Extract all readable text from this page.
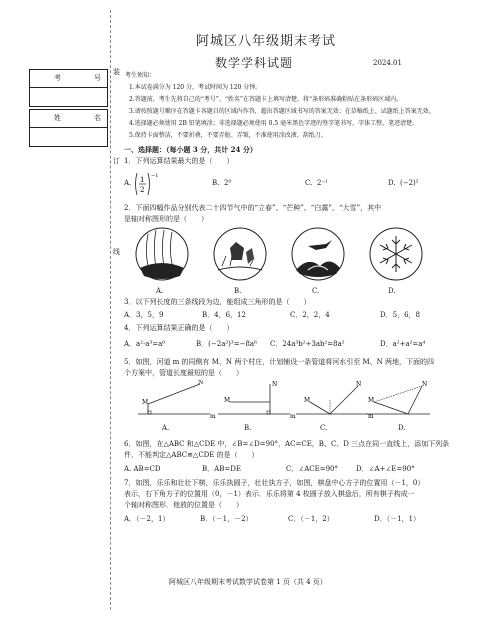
阿城区八年级期末考试
数学学科试题	2024.01
考	号
姓	名
装
订
线
考生须知：
1.本试卷满分为 120 分，考试时间为 120 分钟。
2.答题前，考生先将自己的“考号”、“姓名”在答题卡上填写清楚，将“条形码准确粘贴在条形码区域内。
3.请按照题号顺序在答题卡各题目的区域内作答，超出答题区域书写的答案无效；在草稿纸上、试题纸上答案无效。
4.选择题必须使用 2B 铅笔填涂；非选择题必须使用 0.5 毫米黑色字迹的签字笔书写，字体工整、笔迹清楚。
5.保持卡面整洁，不要折叠，不要弄脏、弄皱，不准使用涂改液、刮纸刀。
一、选择题：（每小题 3 分，共计 24 分）
1．下列运算结果最大的是（　　）
A. 1
2
−1
B. 2⁰	C. 2⁻¹	D. (−2)²
2．下面四幅作品分别代表二十四节气中的“立春”、“芒种”、“白露”、“大雪”，其中
是轴对称图形的是（　　）
A.	B.	C.	D.
3．以下列长度的三条线段为边，能组成三角形的是（　　）
A．3，5，9	B．4，6，12	C．2，2，4	D．5，6，8
4．下列运算结果正确的是（　　）
A．a²·a³=a⁶	B．(−2a²)³=−8a⁶ C．24a³b²÷3ab²=8a²	D．a²+a²=a⁴
5．如图，河道 m 的同侧有 M、N 两个村庄，计划铺设一条管道将河水引至 M、N 两地，下面的四
个方案中，管道长度最短的是（　　）
M
N
m
M
N
m
M
N
m
M
N
A.	B.	C.	D.
6．如图，在△ABC 和△CDE 中，∠B=∠D=90°，AC=CE，B、C、D 三点在同一直线上，添加下列条
件，不能判定△ABC≌△CDE 的是（　　）
A. AB=CD	B．AB=DE	C．∠ACE=90°	D．∠A+∠E=90°
7．如图，乐乐和壮壮下棋，乐乐执圆子，壮壮执方子，如图，棋盘中心方子的位置用（－1，0）
表示，右下角方子的位置用（0，－1）表示．乐乐将第 4 枚圆子放入棋盘后，所有棋子构成一
个轴对称图形．他放的位置是（　　）
A．（－2，1）	B．（－1，－2）	C．（－1，2）	D．（－1，1）
阿城区八年级期末考试数学试卷第 1 页（共 4 页）
